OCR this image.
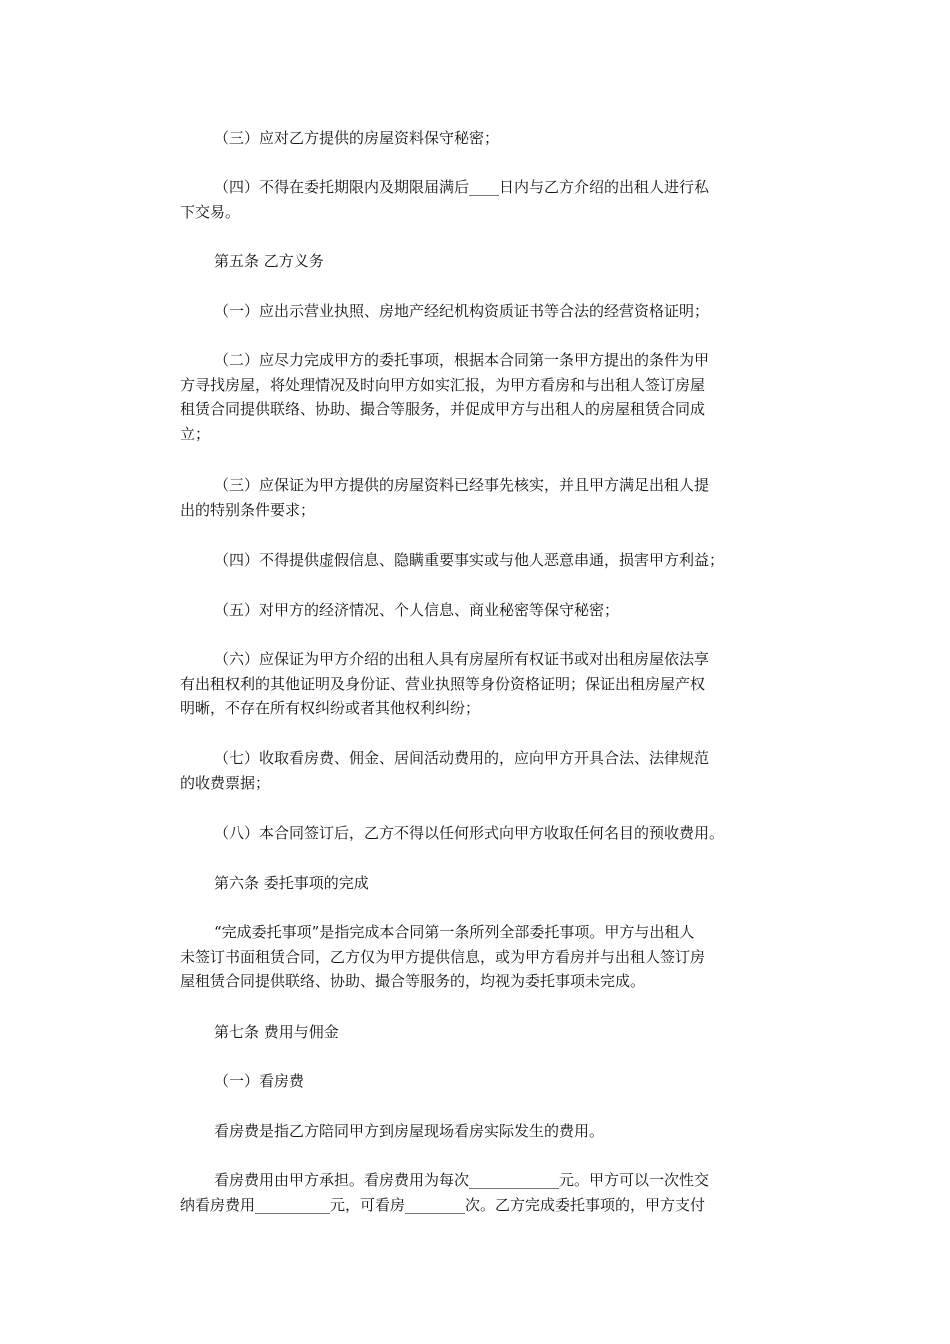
（三）应对乙方提供的房屋资料保守秘密；
（四）不得在委托期限内及期限届满后____日内与乙方介绍的出租人进行私
下交易。
第五条 乙方义务
（一）应出示营业执照、房地产经纪机构资质证书等合法的经营资格证明；
（二）应尽力完成甲方的委托事项，根据本合同第一条甲方提出的条件为甲
方寻找房屋，将处理情况及时向甲方如实汇报，为甲方看房和与出租人签订房屋
租赁合同提供联络、协助、撮合等服务，并促成甲方与出租人的房屋租赁合同成
立；
（三）应保证为甲方提供的房屋资料已经事先核实，并且甲方满足出租人提
出的特别条件要求；
（四）不得提供虚假信息、隐瞒重要事实或与他人恶意串通，损害甲方利益；
（五）对甲方的经济情况、个人信息、商业秘密等保守秘密；
（六）应保证为甲方介绍的出租人具有房屋所有权证书或对出租房屋依法享
有出租权利的其他证明及身份证、营业执照等身份资格证明；保证出租房屋产权
明晰，不存在所有权纠纷或者其他权利纠纷；
（七）收取看房费、佣金、居间活动费用的，应向甲方开具合法、法律规范
的收费票据；
（八）本合同签订后，乙方不得以任何形式向甲方收取任何名目的预收费用。
第六条 委托事项的完成
“完成委托事项”是指完成本合同第一条所列全部委托事项。甲方与出租人
未签订书面租赁合同，乙方仅为甲方提供信息，或为甲方看房并与出租人签订房
屋租赁合同提供联络、协助、撮合等服务的，均视为委托事项未完成。
第七条 费用与佣金
（一）看房费
看房费是指乙方陪同甲方到房屋现场看房实际发生的费用。
看房费用由甲方承担。看房费用为每次____________元。甲方可以一次性交
纳看房费用__________元，可看房________次。乙方完成委托事项的，甲方支付
